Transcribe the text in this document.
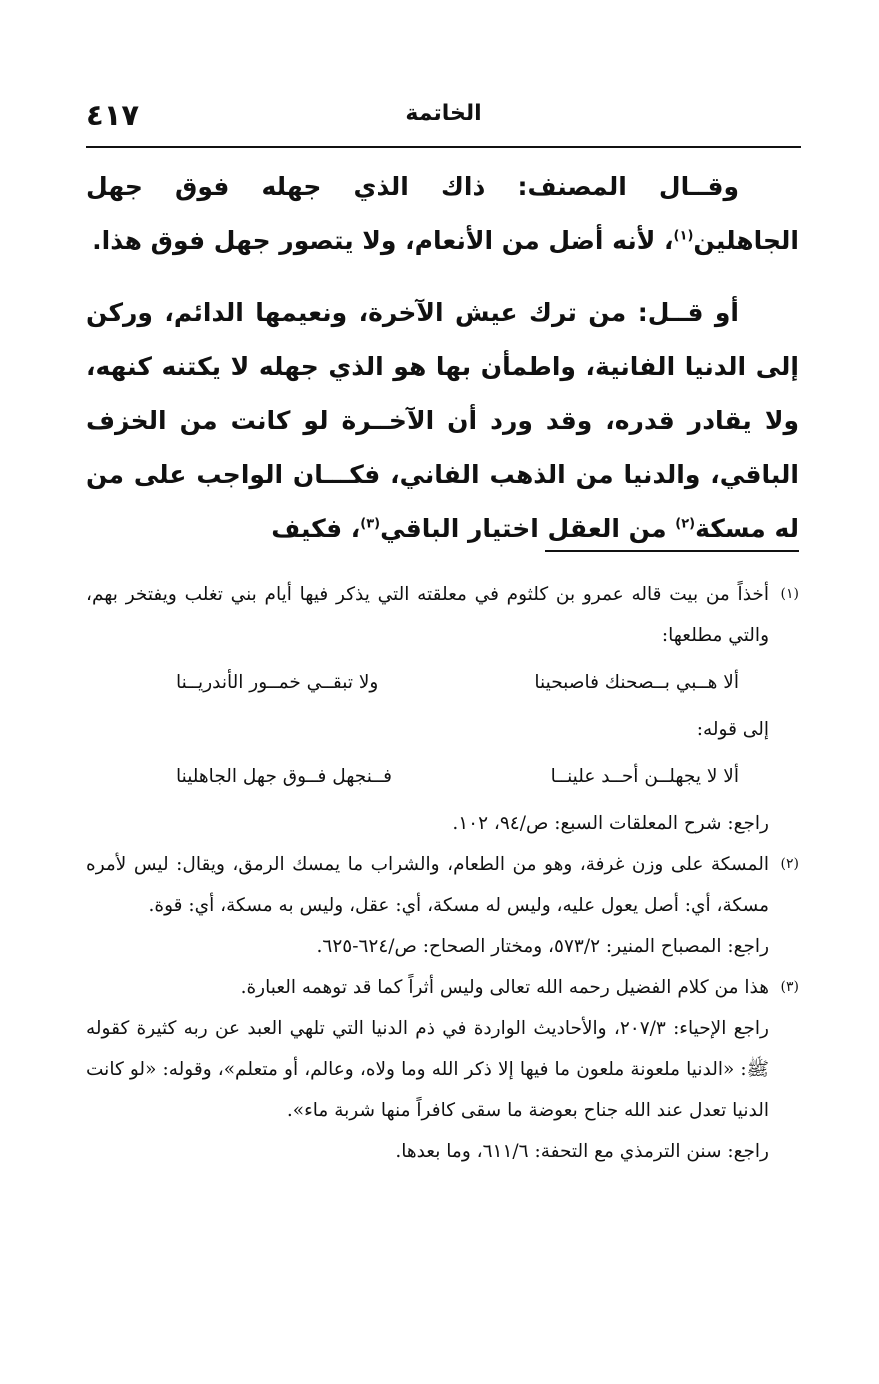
٤١٧	الخاتمة

وقــال المصنف: ذاك الذي جهله فوق جهل الجاهلين$^{(١)}$، لأنه أضل من الأنعام، ولا يتصور جهل فوق هذا.

أو قــل: من ترك عيش الآخرة، ونعيمها الدائم، وركن إلى الدنيا الفانية، واطمأن بها هو الذي جهله لا يكتنه كنهه، ولا يقادر قدره، وقد ورد أن الآخــرة لو كانت من الخزف الباقي، والدنيا من الذهب الفاني، فكـــان الواجب على من له مسكة$^{(٢)}$ من العقل اختيار الباقي$^{(٣)}$، فكيف

(١)
أخذاً من بيت قاله عمرو بن كلثوم في معلقته التي يذكر فيها أيام بني تغلب ويفتخر بهم، والتي مطلعها:

ألا هــبي بــصحنك فاصبحينا
ولا تبقــي خمــور الأندريــنا

إلى قوله:

ألا لا يجهلــن أحــد علينــا
فــنجهل فــوق جهل الجاهلينا

راجع: شرح المعلقات السبع: ص/٩٤، ١٠٢.

(٢)
المسكة على وزن غرفة، وهو من الطعام، والشراب ما يمسك الرمق، ويقال: ليس لأمره مسكة، أي: أصل يعول عليه، وليس له مسكة، أي: عقل، وليس به مسكة، أي: قوة.

راجع: المصباح المنير: ٥٧٣/٢، ومختار الصحاح: ص/٦٢٤-٦٢٥.

(٣)
هذا من كلام الفضيل رحمه الله تعالى وليس أثراً كما قد توهمه العبارة.

راجع الإحياء: ٢٠٧/٣، والأحاديث الواردة في ذم الدنيا التي تلهي العبد عن ربه كثيرة كقوله ﷺ: «الدنيا ملعونة ملعون ما فيها إلا ذكر الله وما ولاه، وعالم، أو متعلم»، وقوله: «لو كانت الدنيا تعدل عند الله جناح بعوضة ما سقى كافراً منها شربة ماء».

راجع: سنن الترمذي مع التحفة: ٦١١/٦، وما بعدها.
